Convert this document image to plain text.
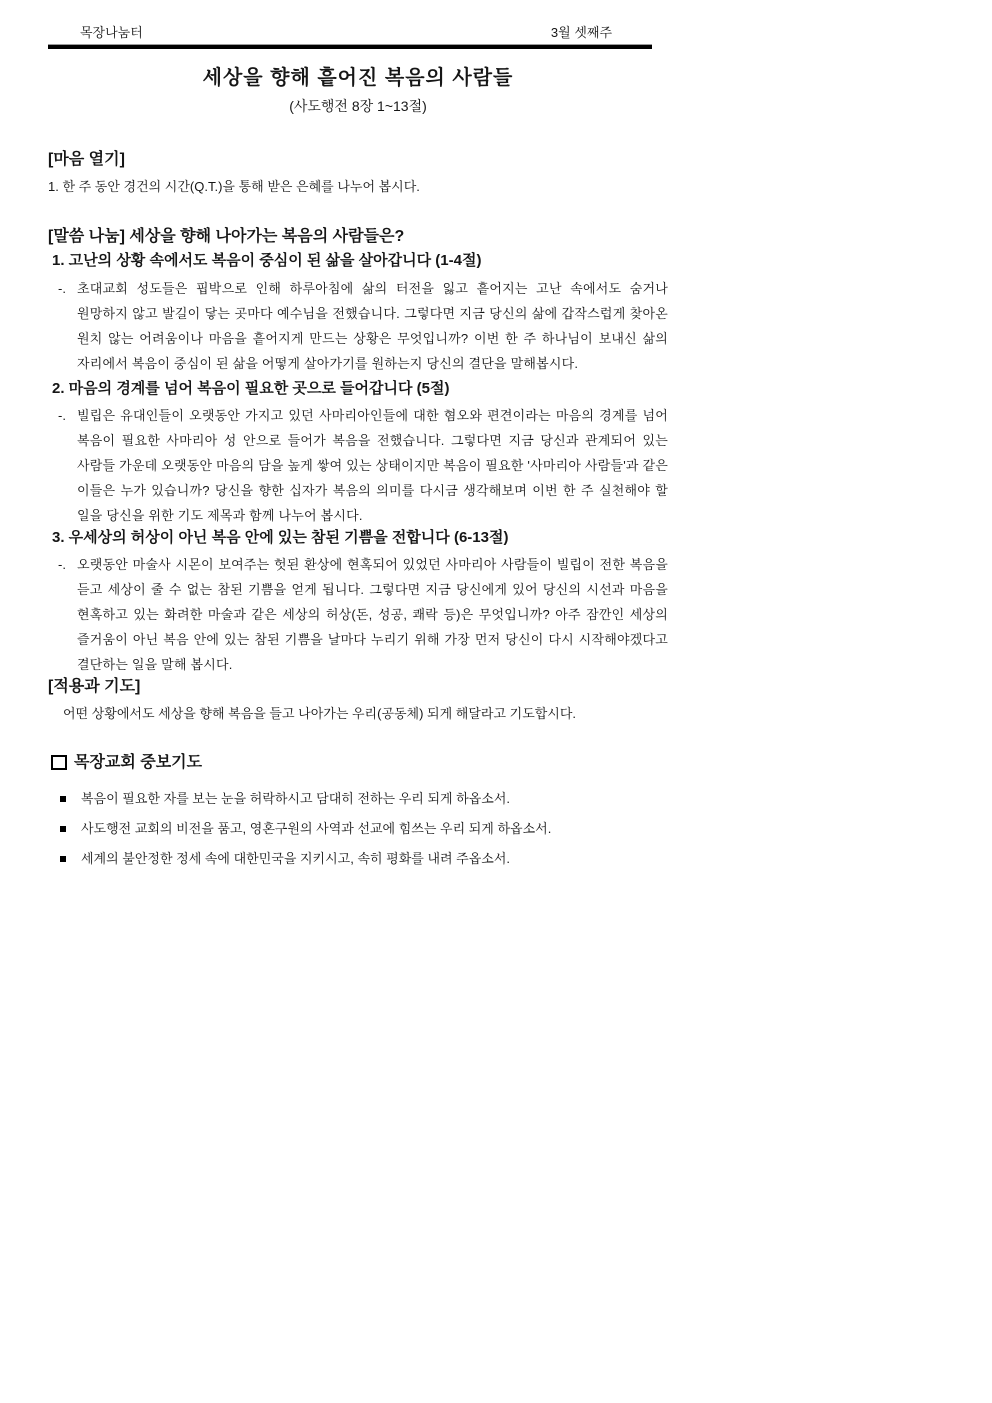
목장나눔터	3월 셋째주
세상을 향해 흩어진 복음의 사람들
(사도행전 8장 1~13절)
[마음 열기]
1. 한 주 동안 경건의 시간(Q.T.)을 통해 받은 은혜를 나누어 봅시다.
[말씀 나눔] 세상을 향해 나아가는 복음의 사람들은?
1. 고난의 상황 속에서도 복음이 중심이 된 삶을 살아갑니다 (1-4절)
-. 초대교회 성도들은 핍박으로 인해 하루아침에 삶의 터전을 잃고 흩어지는 고난 속에서도 숨거나 원망하지 않고 발길이 닿는 곳마다 예수님을 전했습니다. 그렇다면 지금 당신의 삶에 갑작스럽게 찾아온 원치 않는 어려움이나 마음을 흩어지게 만드는 상황은 무엇입니까? 이번 한 주 하나님이 보내신 삶의 자리에서 복음이 중심이 된 삶을 어떻게 살아가기를 원하는지 당신의 결단을 말해봅시다.
2. 마음의 경계를 넘어 복음이 필요한 곳으로 들어갑니다 (5절)
-. 빌립은 유대인들이 오랫동안 가지고 있던 사마리아인들에 대한 혐오와 편견이라는 마음의 경계를 넘어 복음이 필요한 사마리아 성 안으로 들어가 복음을 전했습니다. 그렇다면 지금 당신과 관계되어 있는 사람들 가운데 오랫동안 마음의 담을 높게 쌓여 있는 상태이지만 복음이 필요한 '사마리아 사람들'과 같은 이들은 누가 있습니까? 당신을 향한 십자가 복음의 의미를 다시금 생각해보며 이번 한 주 실천해야 할 일을 당신을 위한 기도 제목과 함께 나누어 봅시다.
3. 우세상의 허상이 아닌 복음 안에 있는 참된 기쁨을 전합니다 (6-13절)
-. 오랫동안 마술사 시몬이 보여주는 헛된 환상에 현혹되어 있었던 사마리아 사람들이 빌립이 전한 복음을 듣고 세상이 줄 수 없는 참된 기쁨을 얻게 됩니다. 그렇다면 지금 당신에게 있어 당신의 시선과 마음을 현혹하고 있는 화려한 마술과 같은 세상의 허상(돈, 성공, 쾌락 등)은 무엇입니까? 아주 잠깐인 세상의 즐거움이 아닌 복음 안에 있는 참된 기쁨을 날마다 누리기 위해 가장 먼저 당신이 다시 시작해야겠다고 결단하는 일을 말해 봅시다.
[적용과 기도]
어떤 상황에서도 세상을 향해 복음을 들고 나아가는 우리(공동체) 되게 해달라고 기도합시다.
목장교회 중보기도
복음이 필요한 자를 보는 눈을 허락하시고 담대히 전하는 우리 되게 하옵소서.
사도행전 교회의 비전을 품고, 영혼구원의 사역과 선교에 힘쓰는 우리 되게 하옵소서.
세계의 불안정한 정세 속에 대한민국을 지키시고, 속히 평화를 내려 주옵소서.
